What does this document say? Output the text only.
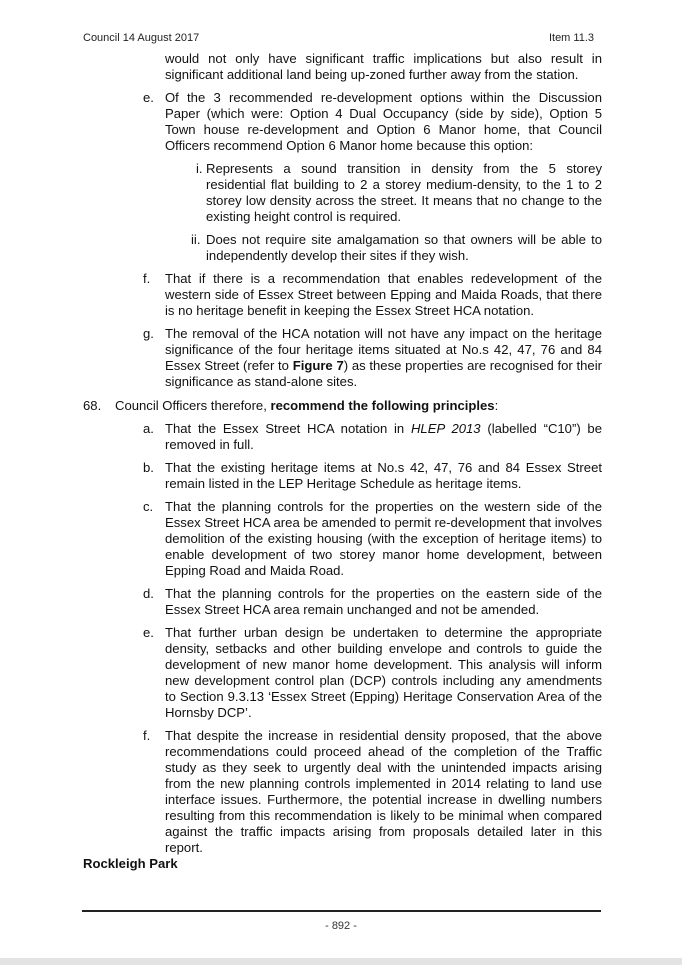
Council 14 August 2017	Item 11.3

would not only have significant traffic implications but also result in significant additional land being up-zoned further away from the station.

e. Of the 3 recommended re-development options within the Discussion Paper (which were: Option 4 Dual Occupancy (side by side), Option 5 Town house re-development and Option 6 Manor home, that Council Officers recommend Option 6 Manor home because this option:

i. Represents a sound transition in density from the 5 storey residential flat building to 2 a storey medium-density, to the 1 to 2 storey low density across the street. It means that no change to the existing height control is required.

ii. Does not require site amalgamation so that owners will be able to independently develop their sites if they wish.

f. That if there is a recommendation that enables redevelopment of the western side of Essex Street between Epping and Maida Roads, that there is no heritage benefit in keeping the Essex Street HCA notation.

g. The removal of the HCA notation will not have any impact on the heritage significance of the four heritage items situated at No.s 42, 47, 76 and 84 Essex Street (refer to Figure 7) as these properties are recognised for their significance as stand-alone sites.

68. Council Officers therefore, recommend the following principles:

a. That the Essex Street HCA notation in HLEP 2013 (labelled “C10”) be removed in full.

b. That the existing heritage items at No.s 42, 47, 76 and 84 Essex Street remain listed in the LEP Heritage Schedule as heritage items.

c. That the planning controls for the properties on the western side of the Essex Street HCA area be amended to permit re-development that involves demolition of the existing housing (with the exception of heritage items) to enable development of two storey manor home development, between Epping Road and Maida Road.

d. That the planning controls for the properties on the eastern side of the Essex Street HCA area remain unchanged and not be amended.

e. That further urban design be undertaken to determine the appropriate density, setbacks and other building envelope and controls to guide the development of new manor home development. This analysis will inform new development control plan (DCP) controls including any amendments to Section 9.3.13 ‘Essex Street (Epping) Heritage Conservation Area of the Hornsby DCP’.

f. That despite the increase in residential density proposed, that the above recommendations could proceed ahead of the completion of the Traffic study as they seek to urgently deal with the unintended impacts arising from the new planning controls implemented in 2014 relating to land use interface issues. Furthermore, the potential increase in dwelling numbers resulting from this recommendation is likely to be minimal when compared against the traffic impacts arising from proposals detailed later in this report.

Rockleigh Park

- 892 -
